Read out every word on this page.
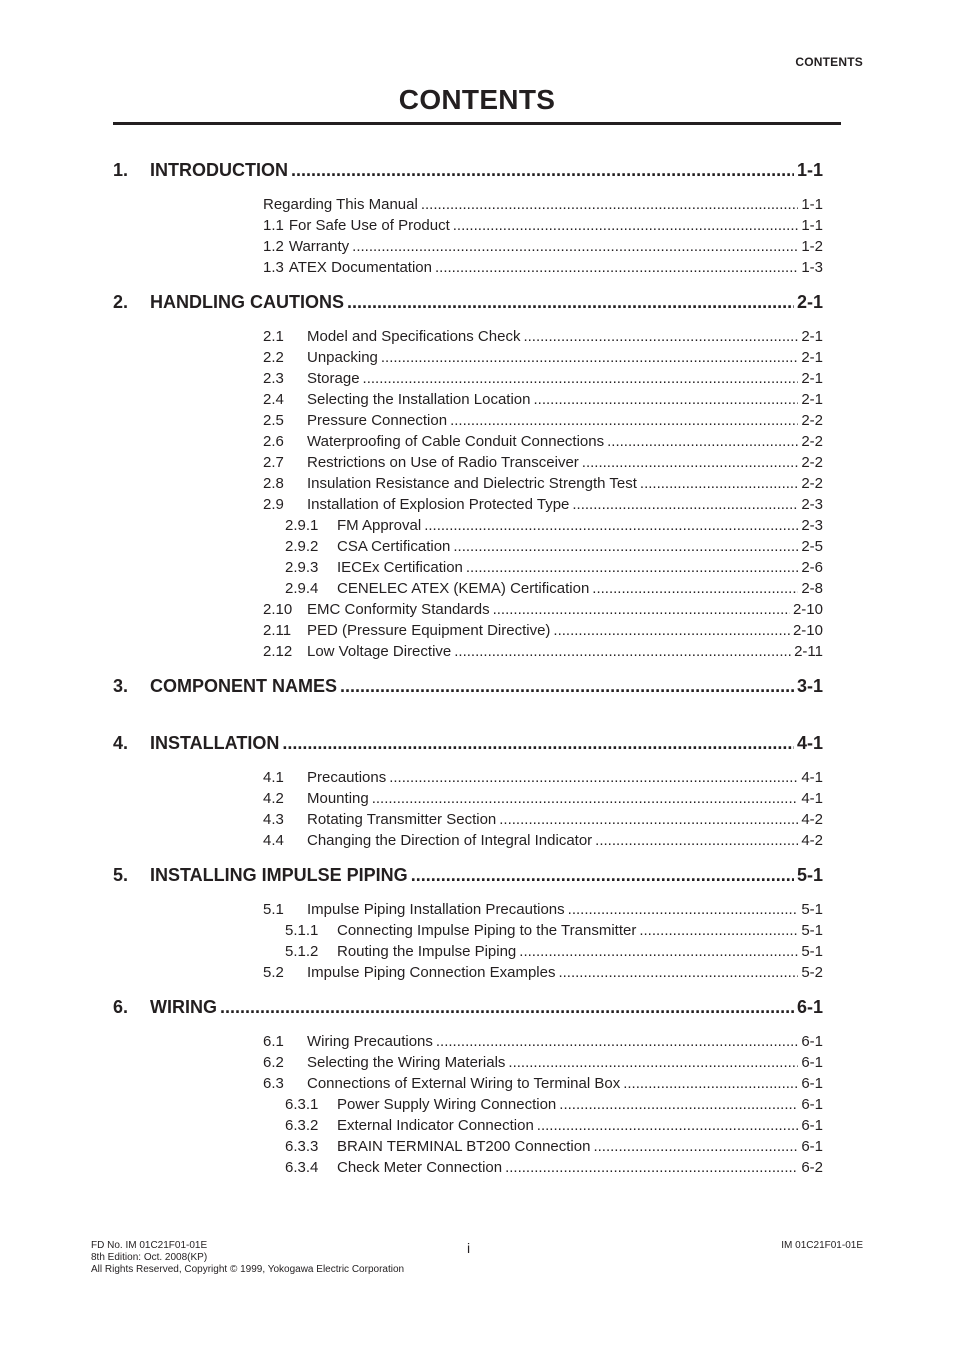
CONTENTS
CONTENTS
1.	INTRODUCTION .....	1-1
Regarding This Manual .....	1-1
1.1 For Safe Use of Product .....	1-1
1.2 Warranty .....	1-2
1.3 ATEX Documentation .....	1-3
2.	HANDLING CAUTIONS .....	2-1
2.1	Model and Specifications Check .....	2-1
2.2	Unpacking .....	2-1
2.3	Storage .....	2-1
2.4	Selecting the Installation Location .....	2-1
2.5	Pressure Connection .....	2-2
2.6	Waterproofing of Cable Conduit Connections .....	2-2
2.7	Restrictions on Use of Radio Transceiver .....	2-2
2.8	Insulation Resistance and Dielectric Strength Test .....	2-2
2.9	Installation of Explosion Protected Type .....	2-3
2.9.1	FM Approval .....	2-3
2.9.2	CSA Certification .....	2-5
2.9.3	IECEx Certification .....	2-6
2.9.4	CENELEC ATEX (KEMA) Certification .....	2-8
2.10 EMC Conformity Standards .....	2-10
2.11	PED (Pressure Equipment Directive) .....	2-10
2.12 Low Voltage Directive .....	2-11
3.	COMPONENT NAMES .....	3-1
4.	INSTALLATION .....	4-1
4.1	Precautions .....	4-1
4.2	Mounting .....	4-1
4.3	Rotating Transmitter Section .....	4-2
4.4	Changing the Direction of Integral Indicator .....	4-2
5.	INSTALLING IMPULSE PIPING .....	5-1
5.1	Impulse Piping Installation Precautions .....	5-1
5.1.1	Connecting Impulse Piping to the Transmitter .....	5-1
5.1.2	Routing the Impulse Piping .....	5-1
5.2	Impulse Piping Connection Examples .....	5-2
6.	WIRING .....	6-1
6.1	Wiring Precautions .....	6-1
6.2	Selecting the Wiring Materials .....	6-1
6.3	Connections of External Wiring to Terminal Box .....	6-1
6.3.1	Power Supply Wiring Connection .....	6-1
6.3.2	External Indicator Connection .....	6-1
6.3.3	BRAIN TERMINAL BT200 Connection .....	6-1
6.3.4	Check Meter Connection .....	6-2
FD No. IM 01C21F01-01E
8th Edition: Oct. 2008(KP)
All Rights Reserved, Copyright © 1999, Yokogawa Electric Corporation
i	IM 01C21F01-01E
